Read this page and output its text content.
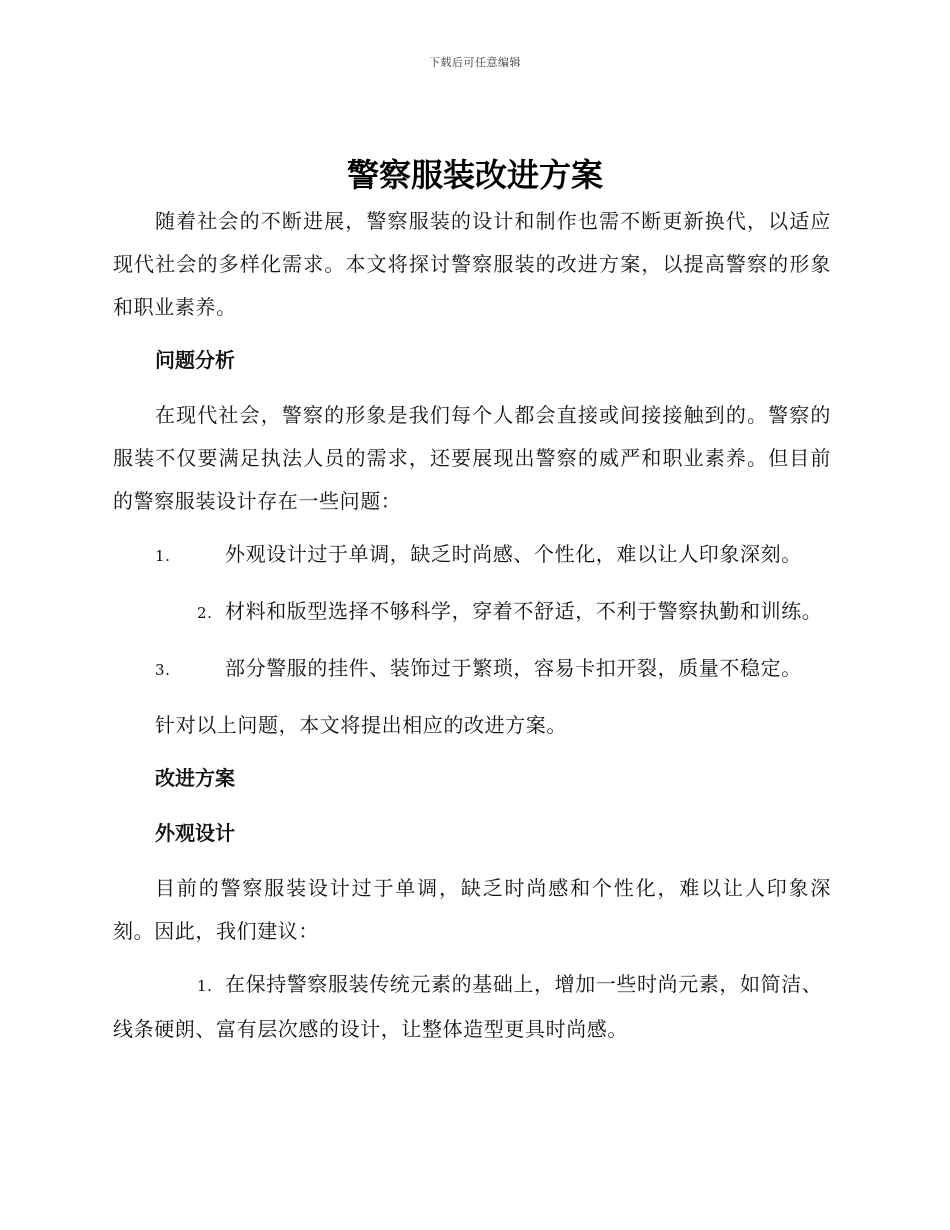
下载后可任意编辑
警察服装改进方案

随着社会的不断进展，警察服装的设计和制作也需不断更新换代，以适应现代社会的多样化需求。本文将探讨警察服装的改进方案，以提高警察的形象和职业素养。

问题分析

在现代社会，警察的形象是我们每个人都会直接或间接接触到的。警察的服装不仅要满足执法人员的需求，还要展现出警察的威严和职业素养。但目前的警察服装设计存在一些问题：

1.	外观设计过于单调，缺乏时尚感、个性化，难以让人印象深刻。
2. 材料和版型选择不够科学，穿着不舒适，不利于警察执勤和训练。
3.	部分警服的挂件、装饰过于繁琐，容易卡扣开裂，质量不稳定。

针对以上问题，本文将提出相应的改进方案。

改进方案
外观设计

目前的警察服装设计过于单调，缺乏时尚感和个性化，难以让人印象深刻。因此，我们建议：

1. 在保持警察服装传统元素的基础上，增加一些时尚元素，如简洁、线条硬朗、富有层次感的设计，让整体造型更具时尚感。
